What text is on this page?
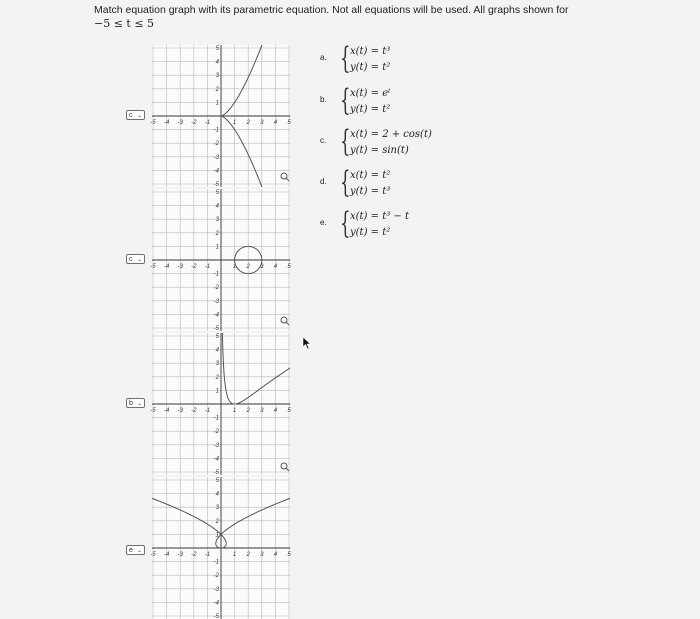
Match equation graph with its parametric equation. Not all equations will be used. All graphs shown for
−5 ≤ t ≤ 5
-5 -4 -3 -2 -1	1 2 3 4 5
5
4
3
2
1
-1
-2
-3
-4
-5
c ⌄
-5 -4 -3 -2 -1	1 2 3 4 5
5
4
3
2
1
-1
-2
-3
-4
-5
c ⌄
-5 -4 -3 -2 -1	1 2 3 4 5
5
4
3
2
1
-1
-2
-3
-4
-5
b ⌄
-5 -4 -3 -2 -1	1 2 3 4 5
5
4
3
2
1
-1
-2
-3
-4
-5
e ⌄
a. { x(t) = t³
y(t) = t²
b. { x(t) = eᵗ
y(t) = t²
c. { x(t) = 2 + cos(t)
y(t) = sin(t)
d. { x(t) = t²
y(t) = t³
e. { x(t) = t³ − t
y(t) = t²
